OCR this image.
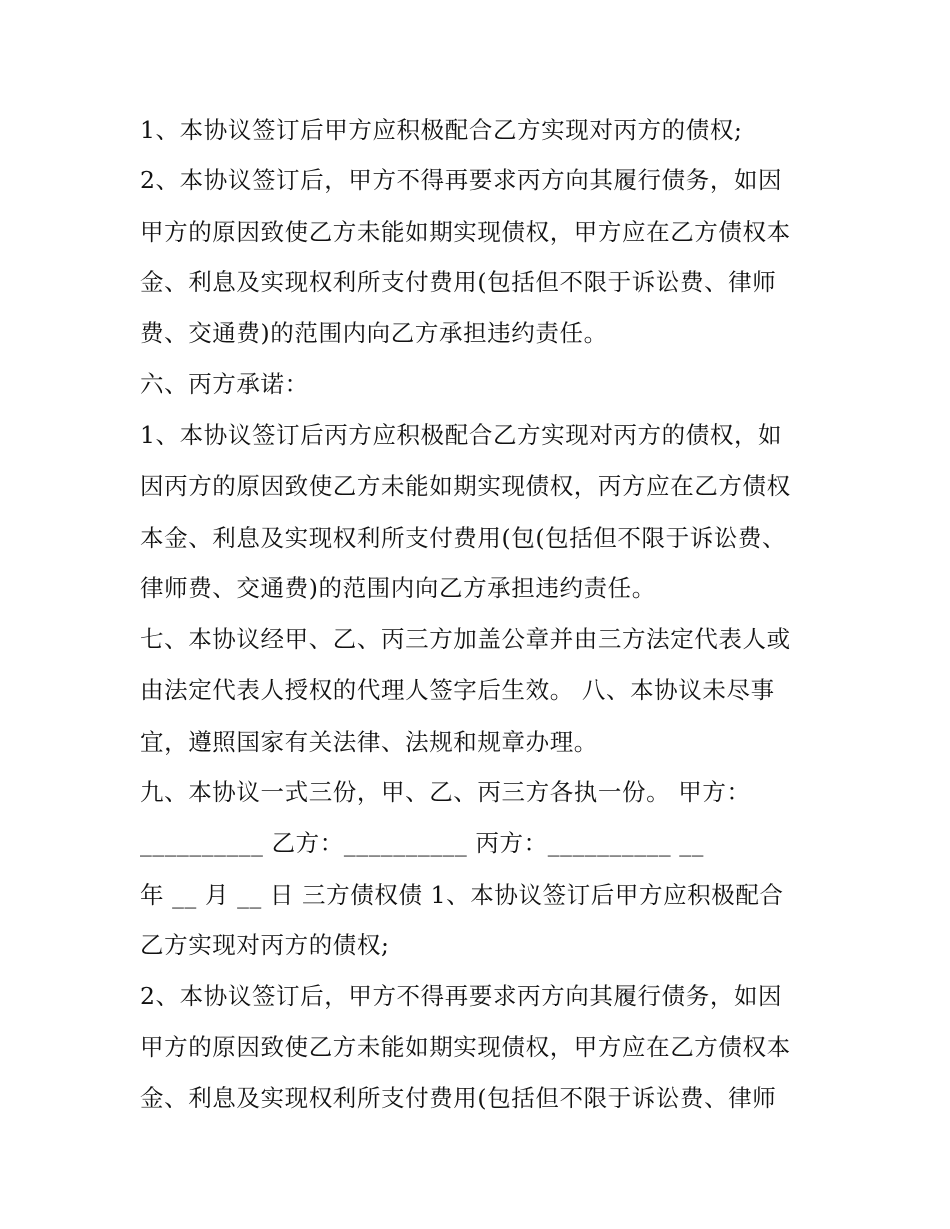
1、本协议签订后甲方应积极配合乙方实现对丙方的债权;
2、本协议签订后，甲方不得再要求丙方向其履行债务，如因
甲方的原因致使乙方未能如期实现债权，甲方应在乙方债权本
金、利息及实现权利所支付费用(包括但不限于诉讼费、律师
费、交通费)的范围内向乙方承担违约责任。
六、丙方承诺：
1、本协议签订后丙方应积极配合乙方实现对丙方的债权，如
因丙方的原因致使乙方未能如期实现债权，丙方应在乙方债权
本金、利息及实现权利所支付费用(包(包括但不限于诉讼费、
律师费、交通费)的范围内向乙方承担违约责任。
七、本协议经甲、乙、丙三方加盖公章并由三方法定代表人或
由法定代表人授权的代理人签字后生效。 八、本协议未尽事
宜，遵照国家有关法律、法规和规章办理。
九、本协议一式三份，甲、乙、丙三方各执一份。 甲方：
__________ 乙方：__________ 丙方：__________ __
年 __ 月 __ 日 三方债权债 1、本协议签订后甲方应积极配合
乙方实现对丙方的债权;
2、本协议签订后，甲方不得再要求丙方向其履行债务，如因
甲方的原因致使乙方未能如期实现债权，甲方应在乙方债权本
金、利息及实现权利所支付费用(包括但不限于诉讼费、律师
